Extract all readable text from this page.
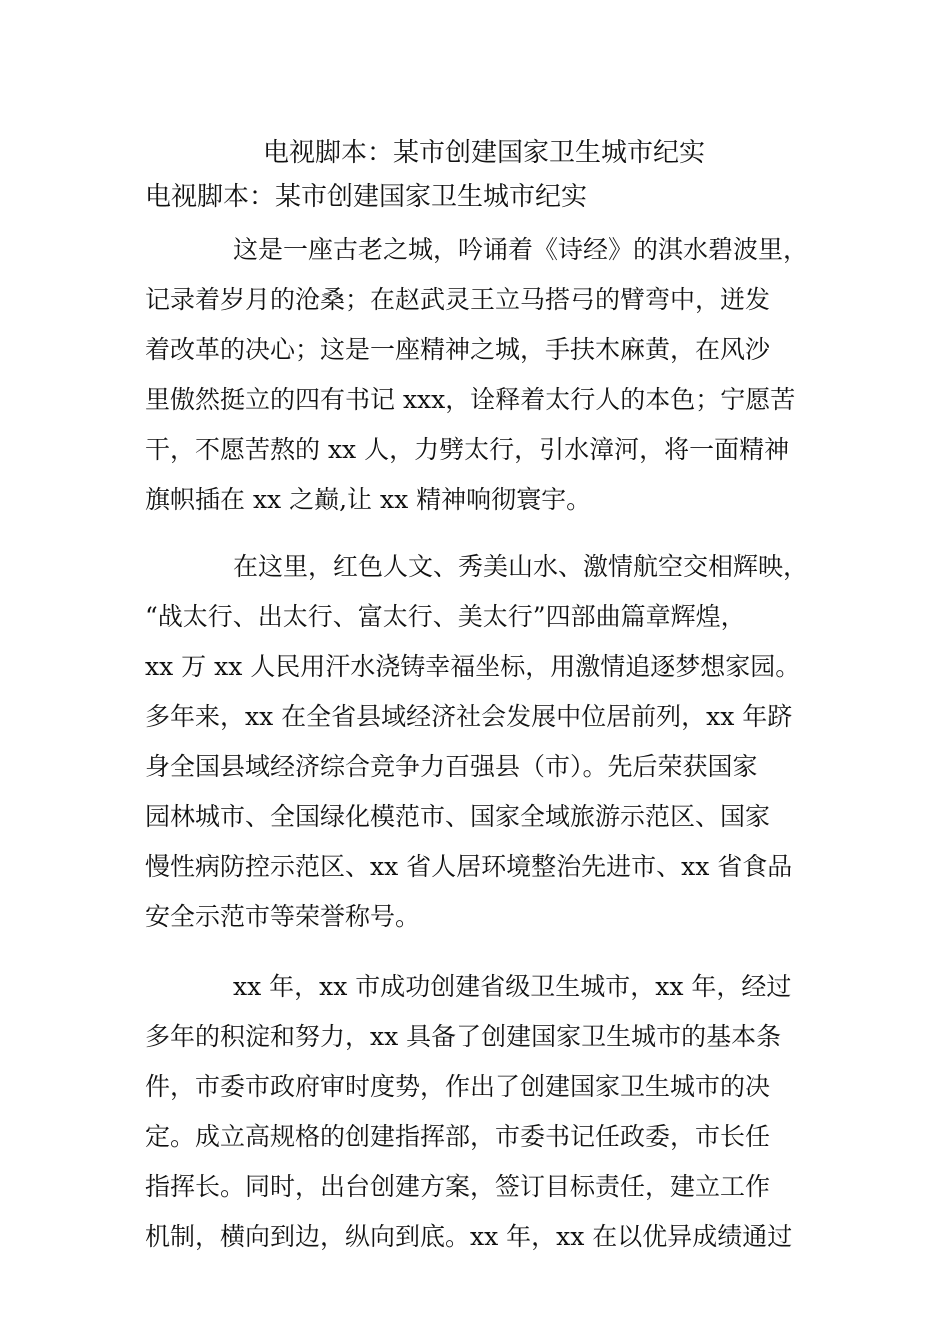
电视脚本：某市创建国家卫生城市纪实
电视脚本：某市创建国家卫生城市纪实
这是一座古老之城，吟诵着《诗经》的淇水碧波里，
记录着岁月的沧桑；在赵武灵王立马搭弓的臂弯中，迸发
着改革的决心；这是一座精神之城，手扶木麻黄，在风沙
里傲然挺立的四有书记 xxx，诠释着太行人的本色；宁愿苦
干，不愿苦熬的 xx 人，力劈太行，引水漳河，将一面精神
旗帜插在 xx 之巅,让 xx 精神响彻寰宇。
在这里，红色人文、秀美山水、激情航空交相辉映，
“战太行、出太行、富太行、美太行”四部曲篇章辉煌，
xx 万 xx 人民用汗水浇铸幸福坐标，用激情追逐梦想家园。
多年来，xx 在全省县域经济社会发展中位居前列，xx 年跻
身全国县域经济综合竞争力百强县（市）。先后荣获国家
园林城市、全国绿化模范市、国家全域旅游示范区、国家
慢性病防控示范区、xx 省人居环境整治先进市、xx 省食品
安全示范市等荣誉称号。
xx 年，xx 市成功创建省级卫生城市，xx 年，经过
多年的积淀和努力，xx 具备了创建国家卫生城市的基本条
件，市委市政府审时度势，作出了创建国家卫生城市的决
定。成立高规格的创建指挥部，市委书记任政委，市长任
指挥长。同时，出台创建方案，签订目标责任，建立工作
机制，横向到边，纵向到底。xx 年，xx 在以优异成绩通过
